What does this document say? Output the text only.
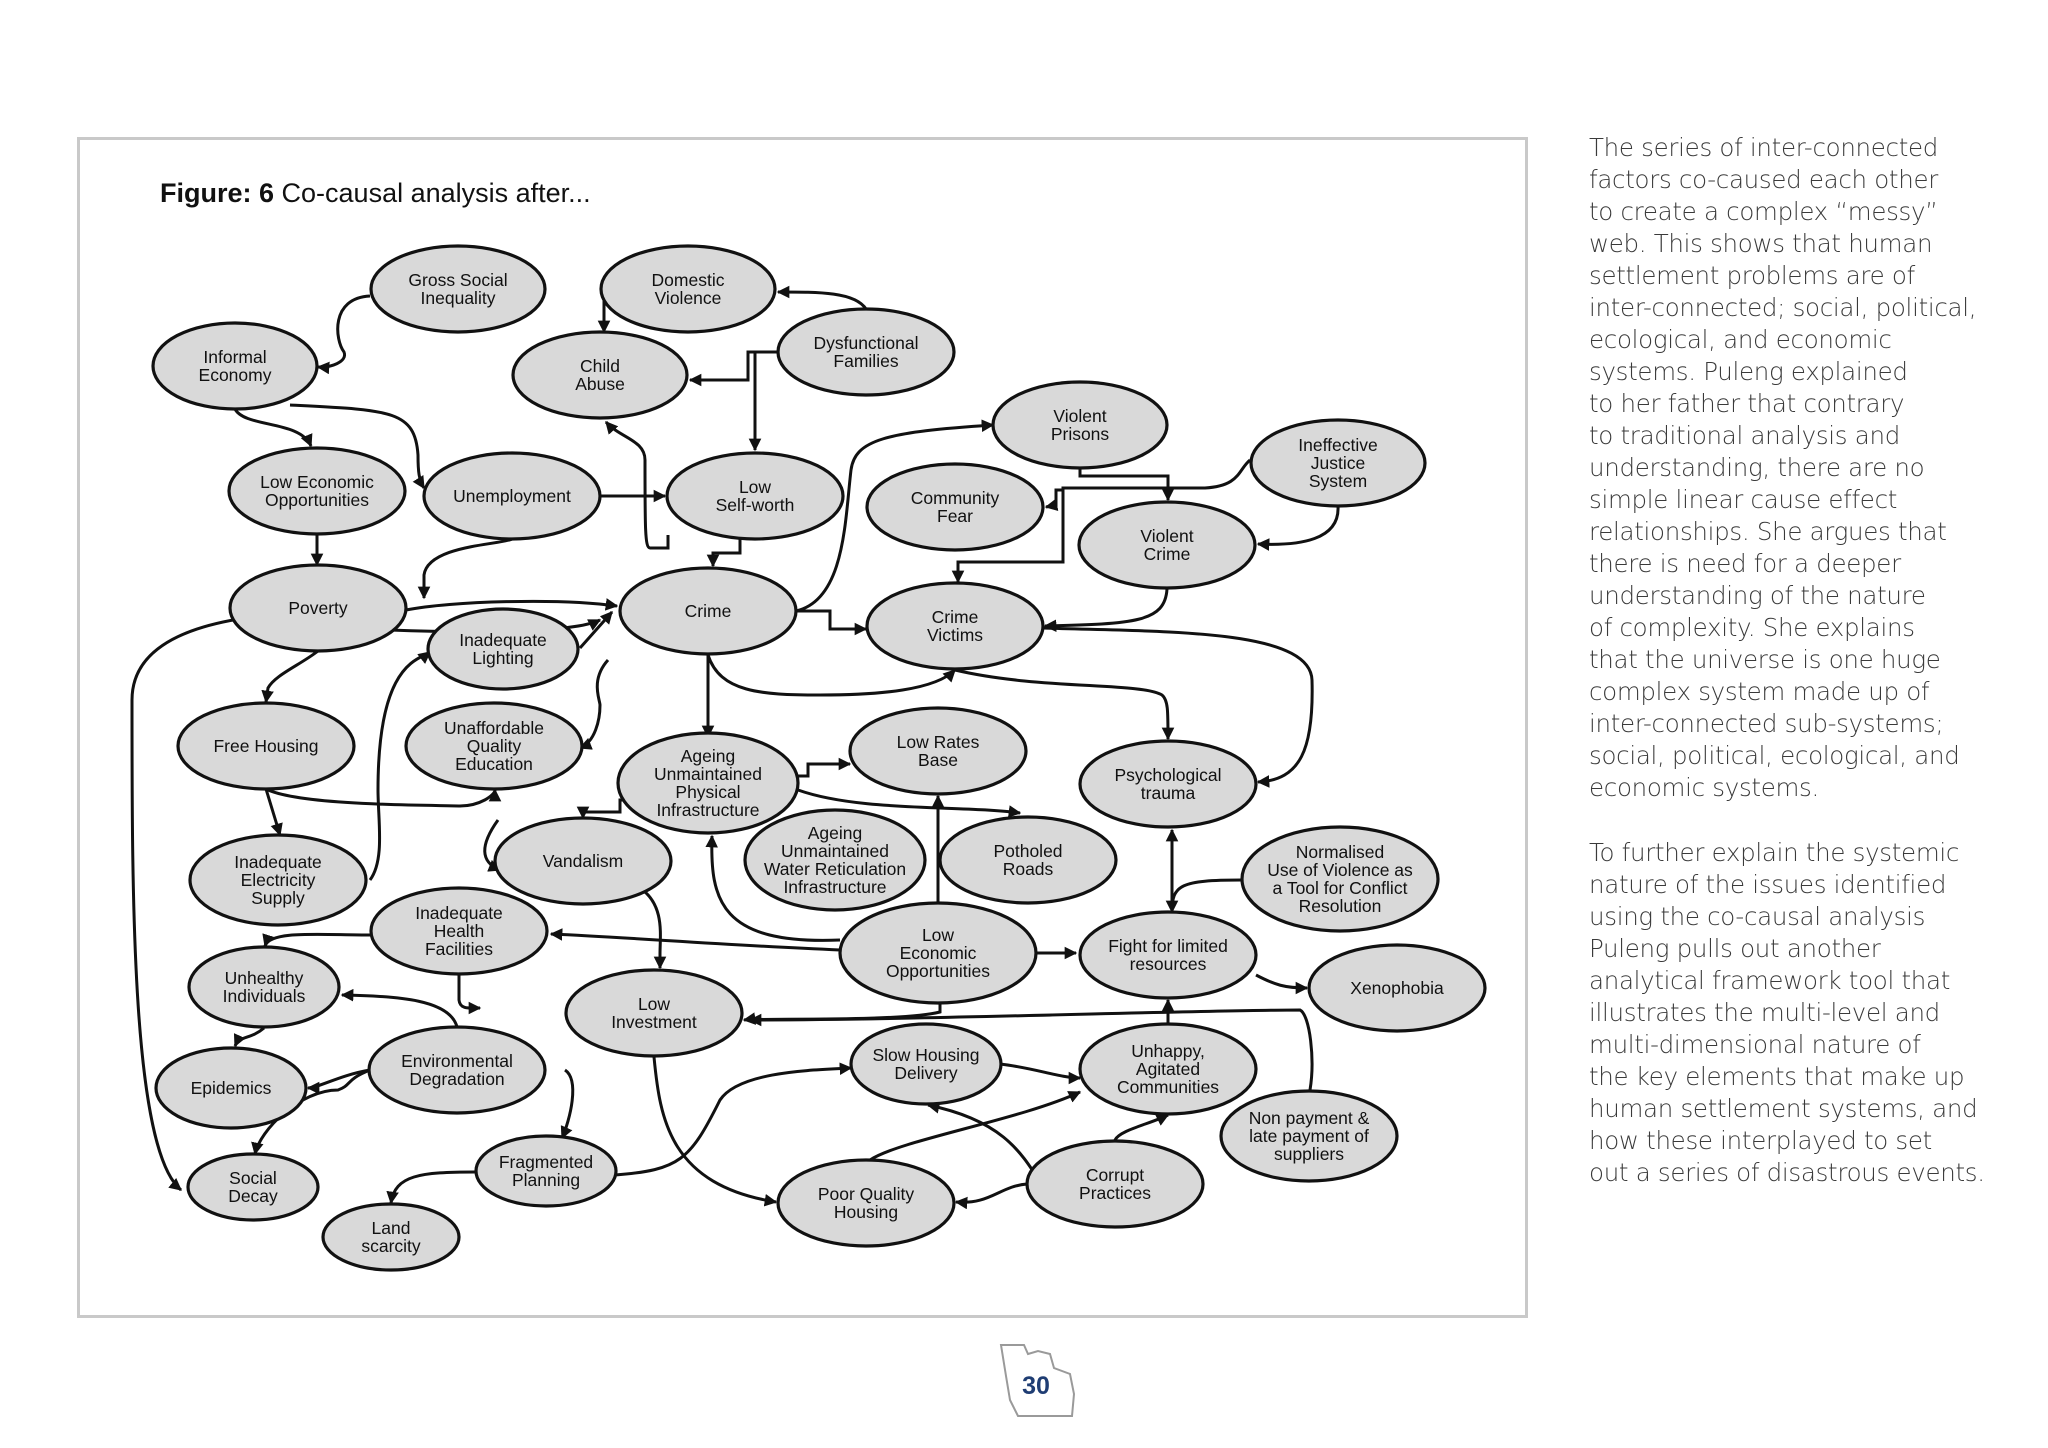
Figure: 6 Co-causal analysis after...
Gross Social
Inequality
Domestic
Violence
Informal
Economy	Child
Abuse
Dysfunctional
Families
Violent
Prisons
Ineffective
Justice
System
Low Economic
Opportunities	Unemployment	Low
Self-worth	Community
Fear
Violent
Crime
Poverty	Crime	Crime
Victims
Inadequate
Lighting
Free Housing
Unaffordable
Quality
Education
Low Rates
Base
Ageing
Unmaintained
Physical
Infrastructure
Psychological
trauma
Inadequate
Electricity
Supply
Vandalism
Ageing
Unmaintained
Water Reticulation
Infrastructure
Potholed
Roads
Normalised
Use of Violence as
a Tool for Conflict
Resolution
Inadequate
Health
Facilities
Low
Economic
Opportunities
Fight for limited
resources
Unhealthy
Individuals	Xenophobia
Low
Investment
Slow Housing
Delivery
Unhappy,
Agitated
Communities
Epidemics
Environmental
Degradation
Non payment &
late payment of
suppliers
Social
Decay
Fragmented
Planning	Corrupt
Practices
Poor Quality
Housing
Land
scarcity
The series of inter-connected
factors co-caused each other
to create a complex “messy”
web. This shows that human
settlement problems are of
inter-connected; social, political,
ecological, and economic
systems. Puleng explained
to her father that contrary
to traditional analysis and
understanding, there are no
simple linear cause effect
relationships. She argues that
there is need for a deeper
understanding of the nature
of complexity. She explains
that the universe is one huge
complex system made up of
inter-connected sub-systems;
social, political, ecological, and
economic systems.
To further explain the systemic
nature of the issues identified
using the co-causal analysis
Puleng pulls out another
analytical framework tool that
illustrates the multi-level and
multi-dimensional nature of
the key elements that make up
human settlement systems, and
how these interplayed to set
out a series of disastrous events.
30
